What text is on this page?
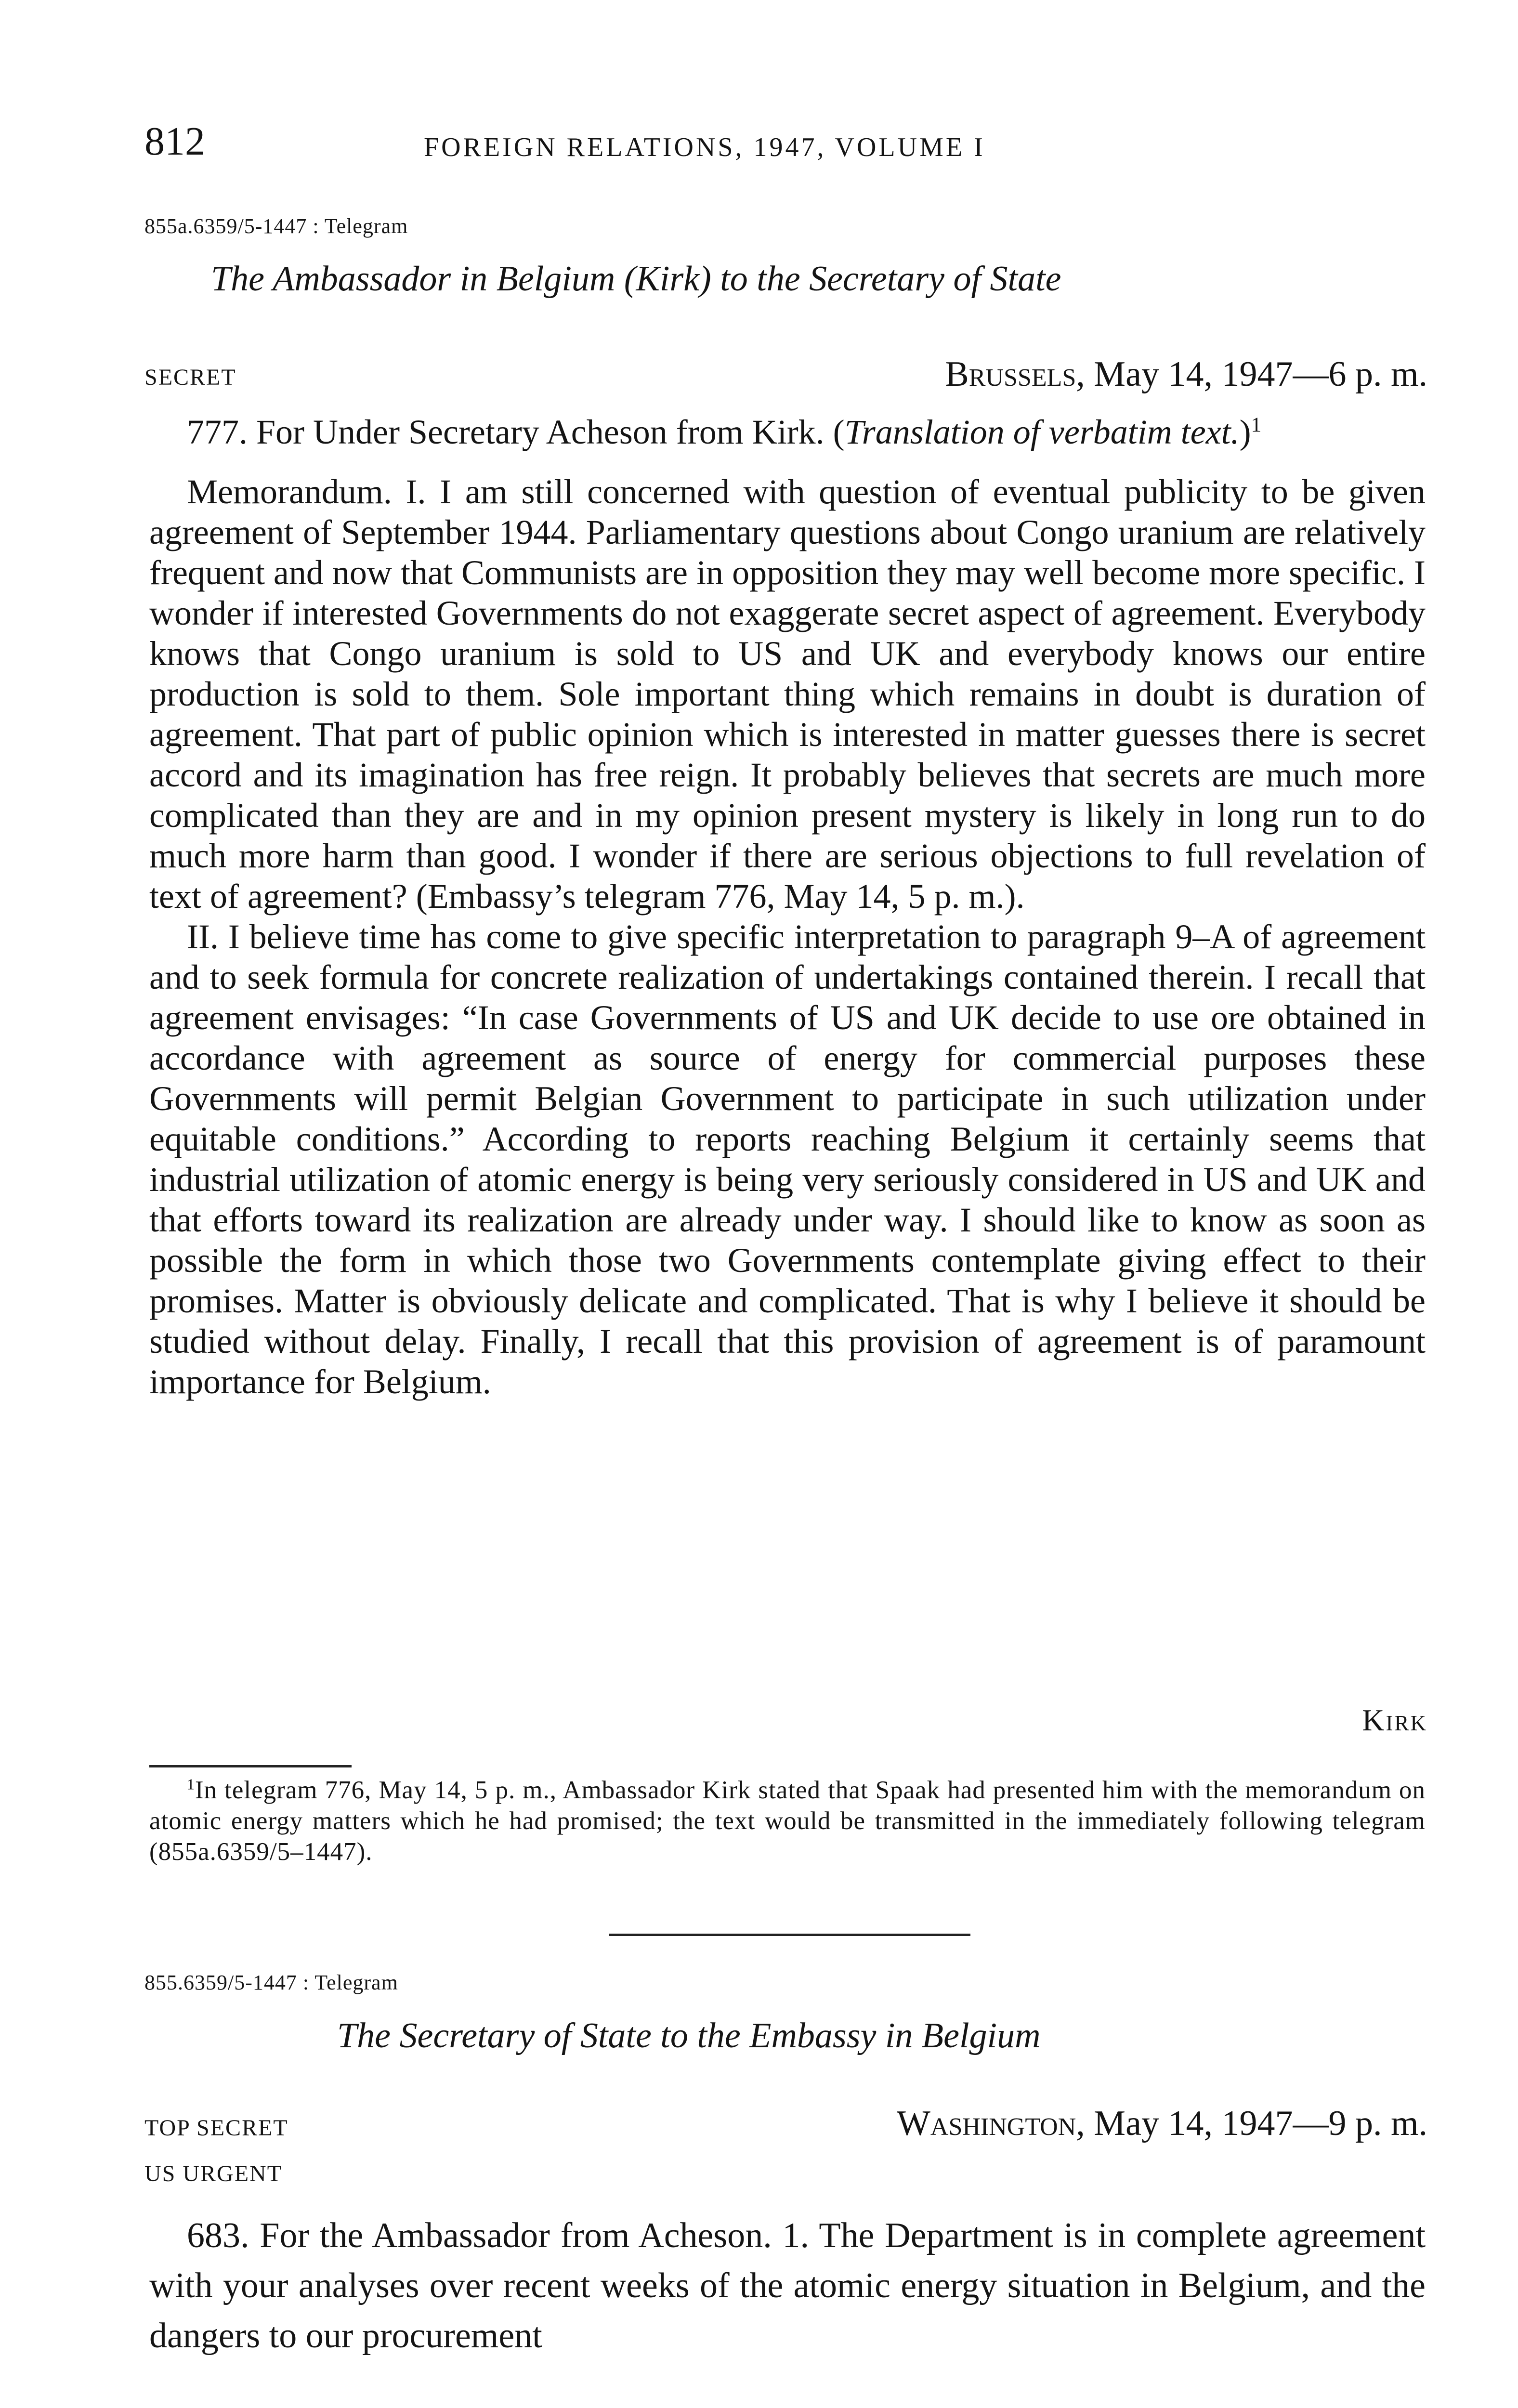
812	FOREIGN RELATIONS, 1947, VOLUME I
855a.6359/5-1447 : Telegram
The Ambassador in Belgium (Kirk) to the Secretary of State
SECRET	Brussels, May 14, 1947—6 p. m.

777. For Under Secretary Acheson from Kirk. (Translation of verbatim text.)$^1$

Memorandum. I. I am still concerned with question of eventual publicity to be given agreement of September 1944. Parliamentary questions about Congo uranium are relatively frequent and now that Communists are in opposition they may well become more specific. I wonder if interested Governments do not exaggerate secret aspect of agreement. Everybody knows that Congo uranium is sold to US and UK and everybody knows our entire production is sold to them. Sole important thing which remains in doubt is duration of agreement. That part of public opinion which is interested in matter guesses there is secret accord and its imagination has free reign. It probably believes that secrets are much more complicated than they are and in my opinion present mystery is likely in long run to do much more harm than good. I wonder if there are serious objections to full revelation of text of agreement? (Embassy’s telegram 776, May 14, 5 p. m.).

II. I believe time has come to give specific interpretation to paragraph 9–A of agreement and to seek formula for concrete realization of undertakings contained therein. I recall that agreement envisages: “In case Governments of US and UK decide to use ore obtained in accordance with agreement as source of energy for commercial purposes these Governments will permit Belgian Government to participate in such utilization under equitable conditions.” According to reports reaching Belgium it certainly seems that industrial utilization of atomic energy is being very seriously considered in US and UK and that efforts toward its realization are already under way. I should like to know as soon as possible the form in which those two Governments contemplate giving effect to their promises. Matter is obviously delicate and complicated. That is why I believe it should be studied without delay. Finally, I recall that this provision of agreement is of paramount importance for Belgium.

Kirk

$^1$In telegram 776, May 14, 5 p. m., Ambassador Kirk stated that Spaak had presented him with the memorandum on atomic energy matters which he had promised; the text would be transmitted in the immediately following telegram (855a.6359/5–1447).

855.6359/5-1447 : Telegram
The Secretary of State to the Embassy in Belgium
TOP SECRET
US URGENT
Washington, May 14, 1947—9 p. m.

683. For the Ambassador from Acheson. 1. The Department is in complete agreement with your analyses over recent weeks of the atomic energy situation in Belgium, and the dangers to our procurement
